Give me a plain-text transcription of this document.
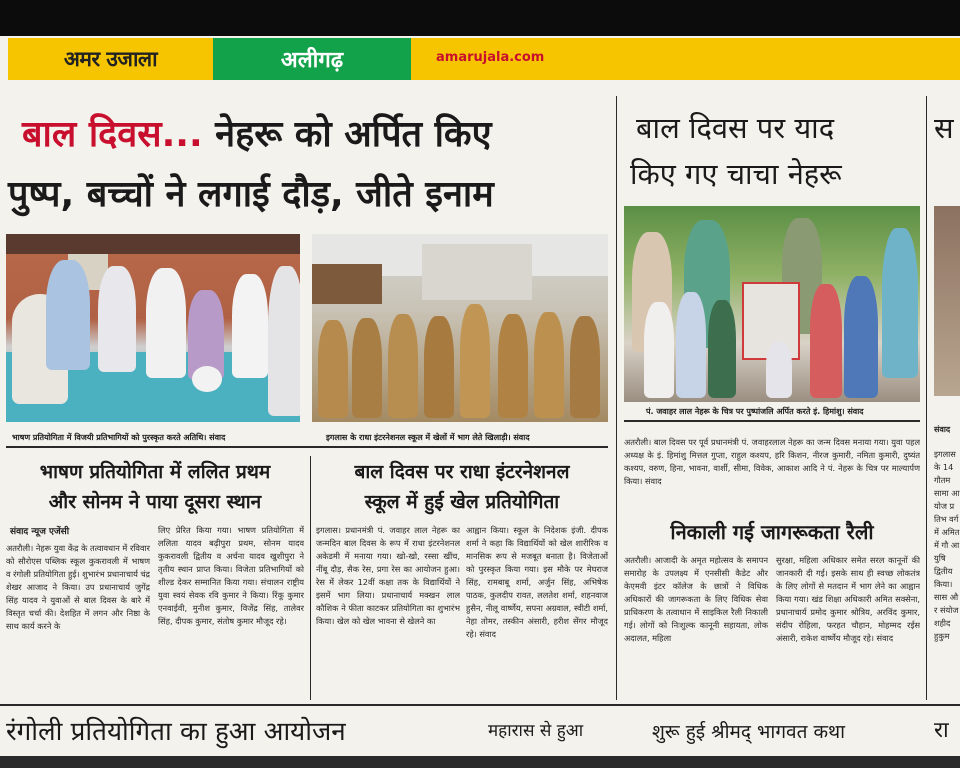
अमर उजाला	अलीगढ़	amarujala.com
बाल दिवस... नेहरू को अर्पित किए
पुष्प, बच्चों ने लगाई दौड़, जीते इनाम
भाषण प्रतियोगिता में विजयी प्रतिभागियों को पुरस्कृत करते अतिथि। संवाद	इगलास के राधा इंटरनेशनल स्कूल में खेलों में भाग लेते खिलाड़ी। संवाद
भाषण प्रतियोगिता में ललित प्रथम
और सोनम ने पाया दूसरा स्थान
संवाद न्यूज एजेंसी
अतरौली। नेहरू युवा केंद्र के तत्वावधान में रविवार को सौरोएस पब्लिक स्कूल कुकरावली में भाषण व रंगोली प्रतियोगिता हुई। शुभारंभ प्रधानाचार्य चंद्र शेखर आजाद ने किया। उप प्रधानाचार्य जुगेंद्र सिंह यादव ने युवाओं से बाल दिवस के बारे में विस्तृत चर्चा की। देशहित में लगन और निष्ठा के साथ कार्य करने के
लिए प्रेरित किया गया। भाषण प्रतियोगिता में ललिता यादव बढ़ीपुरा प्रथम, सोनम यादव कुकरावली द्वितीय व अर्चना यादव खुशीपुरा ने तृतीय स्थान प्राप्त किया। विजेता प्रतिभागियों को शील्ड देकर सम्मानित किया गया। संचालन राष्ट्रीय युवा स्वयं सेवक रवि कुमार ने किया। रिंकू कुमार एनवाईवी, मुनीश कुमार, विजेंद्र सिंह, तालेवर सिंह, दीपक कुमार, संतोष कुमार मौजूद रहे।
बाल दिवस पर राधा इंटरनेशनल
स्कूल में हुई खेल प्रतियोगिता
इगलास। प्रधानमंत्री पं. जवाहर लाल नेहरू का जन्मदिन बाल दिवस के रूप में राधा इंटरनेशनल अकेडमी में मनाया गया। खो-खो, रस्सा खींच, नींबू दौड़, सैक रेस, प्रगा रेस का आयोजन हुआ। रेस में लेकर 12वीं कक्षा तक के विद्यार्थियों ने इसमें भाग लिया। प्रधानाचार्य मक्खन लाल कौशिक ने फीता काटकर प्रतियोगिता का शुभारंभ किया। खेल को खेल भावना से खेलने का
आह्वान किया। स्कूल के निदेशक इंजी. दीपक शर्मा ने कहा कि विद्यार्थियों को खेल शारीरिक व मानसिक रूप से मजबूत बनाता है। विजेताओं को पुरस्कृत किया गया। इस मौके पर मेघराज सिंह, रामबाबू शर्मा, अर्जुन सिंह, अभिषेक पाठक, कुलदीप रावत, ललतेश शर्मा, शहनवाज हुसैन, नीलू वार्ष्णेय, सपना अग्रवाल, स्वीटी शर्मा, नेहा तोमर, तस्कीन अंसारी, हरीश सेंगर मौजूद रहे। संवाद
बाल दिवस पर याद
किए गए चाचा नेहरू
पं. जवाहर लाल नेहरू के चित्र पर पुष्पांजलि अर्पित करते इं. हिमांशु। संवाद
अतरौली। बाल दिवस पर पूर्व प्रधानमंत्री पं. जवाहरलाल नेहरू का जन्म दिवस मनाया गया। युवा पहल अध्यक्ष के इं. हिमांशु मित्तल गुप्ता, राहुल कश्यप, हरि किशन, नीरज कुमारी, नमिता कुमारी, दुष्यंत कश्यप, वरुण, हिना, भावना, वार्शी, सीमा, विवेक, आकाश आदि ने पं. नेहरू के चित्र पर माल्यार्पण किया। संवाद
निकाली गई जागरूकता रैली
अतरौली। आजादी के अमृत महोत्सव के समापन समारोह के उपलक्ष्य में एनसीसी कैडेट और केएमवी इंटर कॉलेज के छात्रों ने विधिक अधिकारों की जागरूकता के लिए विधिक सेवा प्राधिकरण के तत्वाधान में साइकिल रैली निकाली गई। लोगों को निःशुल्क कानूनी सहायता, लोक अदालत, महिला
सुरक्षा, महिला अधिकार समेत सरल कानूनों की जानकारी दी गई। इसके साथ ही स्वच्छ लोकतंत्र के लिए लोगों से मतदान में भाग लेने का आह्वान किया गया। खंड शिक्षा अधिकारी अमित सक्सेना, प्रधानाचार्य प्रमोद कुमार श्रोत्रिय, अरविंद कुमार, संदीप रोहिला, फरहत चौहान, मोहम्मद रईस अंसारी, राकेश वार्ष्णेय मौजूद रहे। संवाद
स
संवाद
इगलास के 14 गौतम सामा आयोज प्रतिभ वर्ग में अमित में गौ आयुषि द्वितीय किया। सास और संयोज शहीद हुकुम
रंगोली प्रतियोगिता का हुआ आयोजन	महारास से हुआ	शुरू हुई श्रीमद् भागवत कथा	रा
